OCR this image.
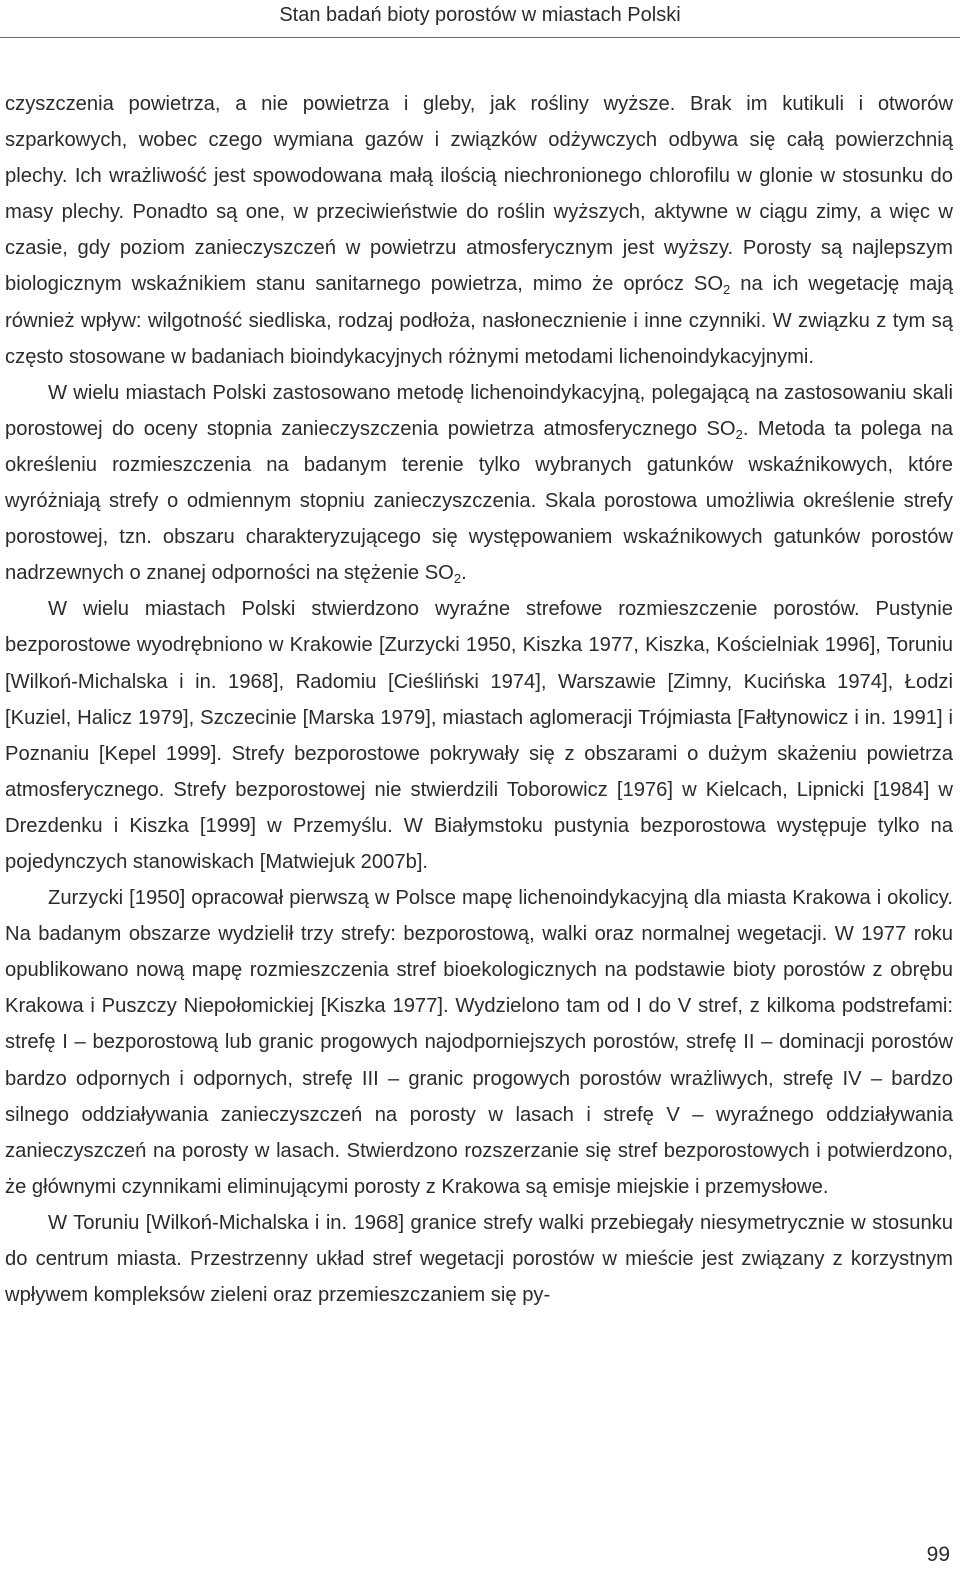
Stan badań bioty porostów w miastach Polski

czyszczenia powietrza, a nie powietrza i gleby, jak rośliny wyższe. Brak im kutikuli i otworów szparkowych, wobec czego wymiana gazów i związków odżywczych odbywa się całą powierzchnią plechy. Ich wrażliwość jest spowodowana małą ilością niechronionego chlorofilu w glonie w stosunku do masy plechy. Ponadto są one, w przeciwieństwie do roślin wyższych, aktywne w ciągu zimy, a więc w czasie, gdy poziom zanieczyszczeń w powietrzu atmosferycznym jest wyższy. Porosty są najlepszym biologicznym wskaźnikiem stanu sanitarnego powietrza, mimo że oprócz $SO_2$ na ich wegetację mają również wpływ: wilgotność siedliska, rodzaj podłoża, nasłonecznienie i inne czynniki. W związku z tym są często stosowane w badaniach bioindykacyjnych różnymi metodami lichenoindykacyjnymi.

W wielu miastach Polski zastosowano metodę lichenoindykacyjną, polegającą na zastosowaniu skali porostowej do oceny stopnia zanieczyszczenia powietrza atmosferycznego $SO_2$. Metoda ta polega na określeniu rozmieszczenia na badanym terenie tylko wybranych gatunków wskaźnikowych, które wyróżniają strefy o odmiennym stopniu zanieczyszczenia. Skala porostowa umożliwia określenie strefy porostowej, tzn. obszaru charakteryzującego się występowaniem wskaźnikowych gatunków porostów nadrzewnych o znanej odporności na stężenie $SO_2$.

W wielu miastach Polski stwierdzono wyraźne strefowe rozmieszczenie porostów. Pustynie bezporostowe wyodrębniono w Krakowie [Zurzycki 1950, Kiszka 1977, Kiszka, Kościelniak 1996], Toruniu [Wilkoń-Michalska i in. 1968], Radomiu [Cieśliński 1974], Warszawie [Zimny, Kucińska 1974], Łodzi [Kuziel, Halicz 1979], Szczecinie [Marska 1979], miastach aglomeracji Trójmiasta [Fałtynowicz i in. 1991] i Poznaniu [Kepel 1999]. Strefy bezporostowe pokrywały się z obszarami o dużym skażeniu powietrza atmosferycznego. Strefy bezporostowej nie stwierdzili Toborowicz [1976] w Kielcach, Lipnicki [1984] w Drezdenku i Kiszka [1999] w Przemyślu. W Białymstoku pustynia bezporostowa występuje tylko na pojedynczych stanowiskach [Matwiejuk 2007b].

Zurzycki [1950] opracował pierwszą w Polsce mapę lichenoindykacyjną dla miasta Krakowa i okolicy. Na badanym obszarze wydzielił trzy strefy: bezporostową, walki oraz normalnej wegetacji. W 1977 roku opublikowano nową mapę rozmieszczenia stref bioekologicznych na podstawie bioty porostów z obrębu Krakowa i Puszczy Niepołomickiej [Kiszka 1977]. Wydzielono tam od I do V stref, z kilkoma podstrefami: strefę I – bezporostową lub granic progowych najodporniejszych porostów, strefę II – dominacji porostów bardzo odpornych i odpornych, strefę III – granic progowych porostów wrażliwych, strefę IV – bardzo silnego oddziaływania zanieczyszczeń na porosty w lasach i strefę V – wyraźnego oddziaływania zanieczyszczeń na porosty w lasach. Stwierdzono rozszerzanie się stref bezporostowych i potwierdzono, że głównymi czynnikami eliminującymi porosty z Krakowa są emisje miejskie i przemysłowe.

W Toruniu [Wilkoń-Michalska i in. 1968] granice strefy walki przebiegały niesymetrycznie w stosunku do centrum miasta. Przestrzenny układ stref wegetacji porostów w mieście jest związany z korzystnym wpływem kompleksów zieleni oraz przemieszczaniem się py-

99
